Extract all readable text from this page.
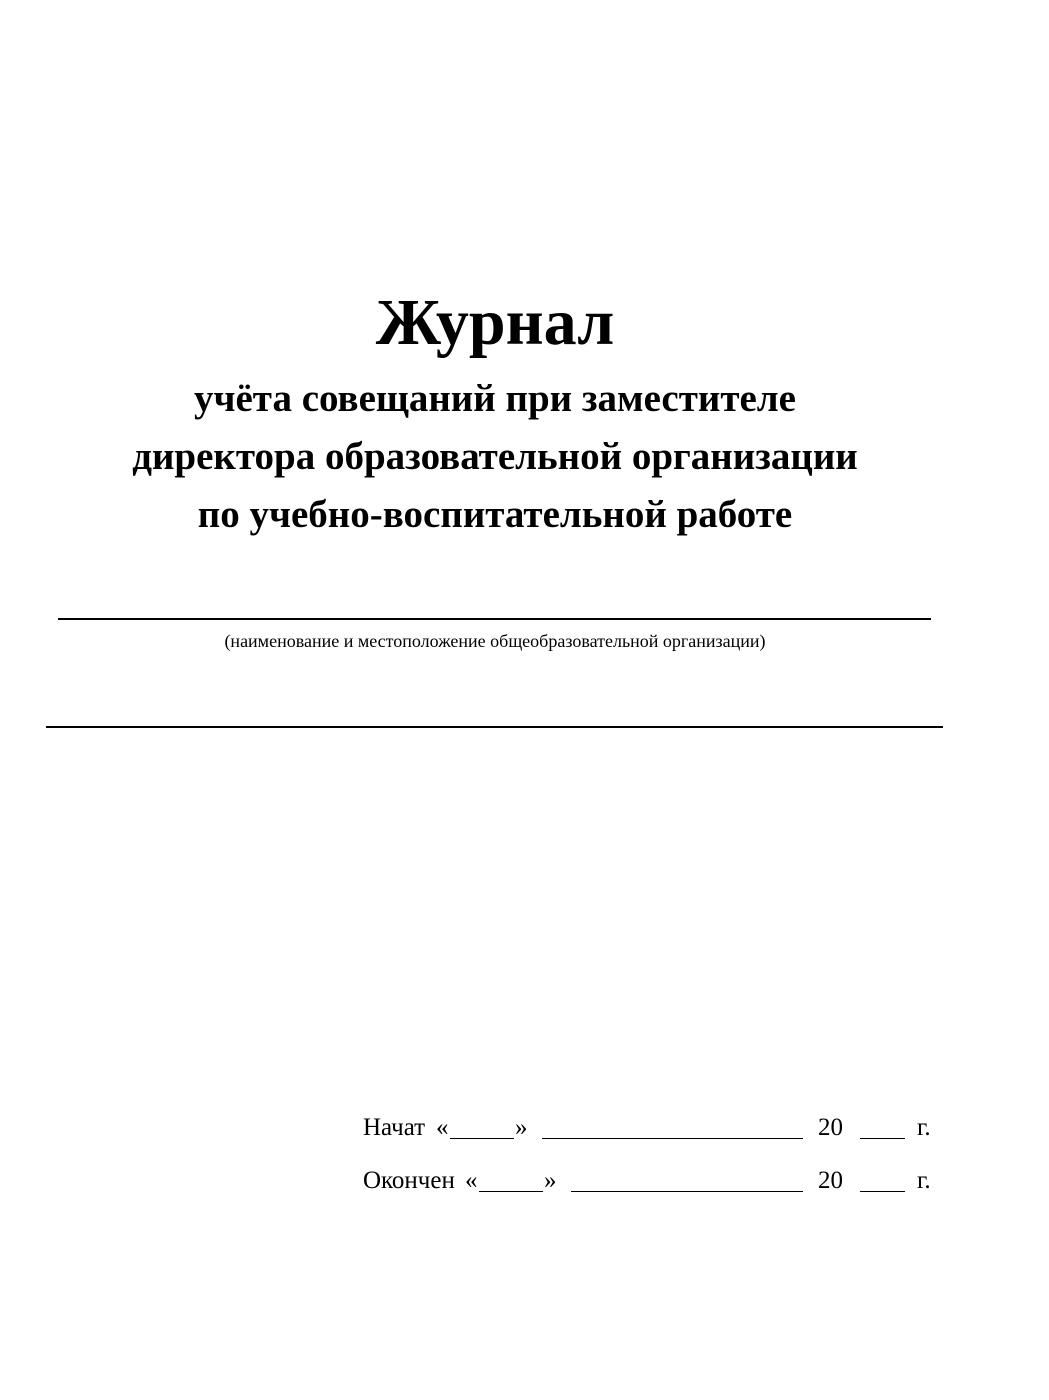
Журнал

учёта совещаний при заместителе

директора образовательной организации

по учебно-воспитательной работе

(наименование и местоположение общеобразовательной организации)

Начат «	»	20	г.
Окончен «	»	20	г.
